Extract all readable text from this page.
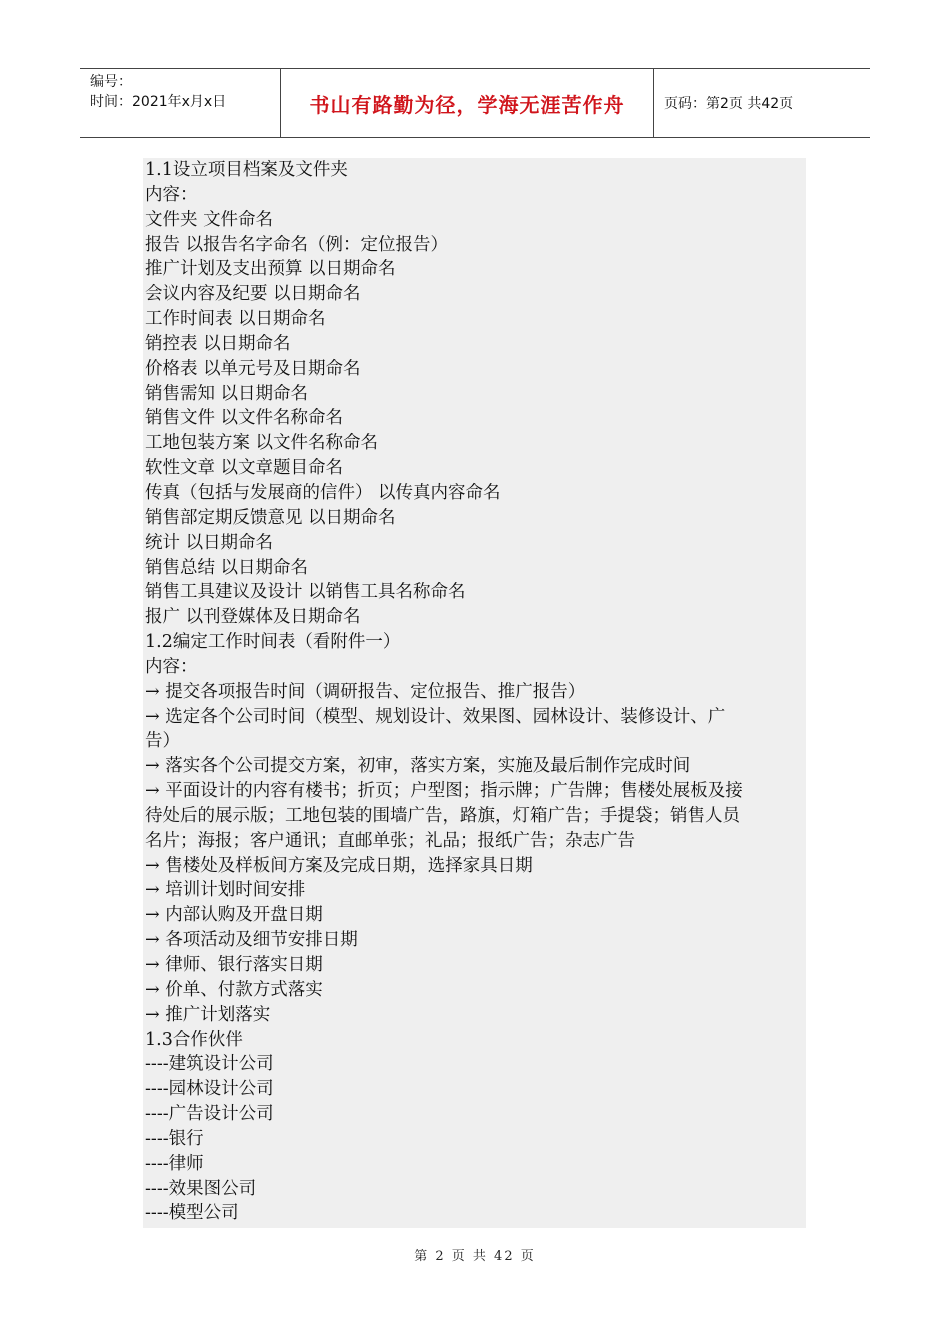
编号：
时间：2021年x月x日	书山有路勤为径，学海无涯苦作舟	页码：第2页 共42页
1.1设立项目档案及文件夹
内容：
文件夹 文件命名
报告 以报告名字命名（例：定位报告）
推广计划及支出预算 以日期命名
会议内容及纪要 以日期命名
工作时间表 以日期命名
销控表 以日期命名
价格表 以单元号及日期命名
销售需知 以日期命名
销售文件 以文件名称命名
工地包装方案 以文件名称命名
软性文章 以文章题目命名
传真（包括与发展商的信件） 以传真内容命名
销售部定期反馈意见 以日期命名
统计 以日期命名
销售总结 以日期命名
销售工具建议及设计 以销售工具名称命名
报广 以刊登媒体及日期命名
1.2编定工作时间表（看附件一）
内容：
→ 提交各项报告时间（调研报告、定位报告、推广报告）
→ 选定各个公司时间（模型、规划设计、效果图、园林设计、装修设计、广
告）
→ 落实各个公司提交方案，初审，落实方案，实施及最后制作完成时间
→ 平面设计的内容有楼书；折页；户型图；指示牌；广告牌；售楼处展板及接
待处后的展示版；工地包装的围墙广告，路旗，灯箱广告；手提袋；销售人员
名片；海报；客户通讯；直邮单张；礼品；报纸广告；杂志广告
→ 售楼处及样板间方案及完成日期，选择家具日期
→ 培训计划时间安排
→ 内部认购及开盘日期
→ 各项活动及细节安排日期
→ 律师、银行落实日期
→ 价单、付款方式落实
→ 推广计划落实
1.3合作伙伴
----建筑设计公司
----园林设计公司
----广告设计公司
----银行
----律师
----效果图公司
----模型公司
第 2 页 共 42 页
